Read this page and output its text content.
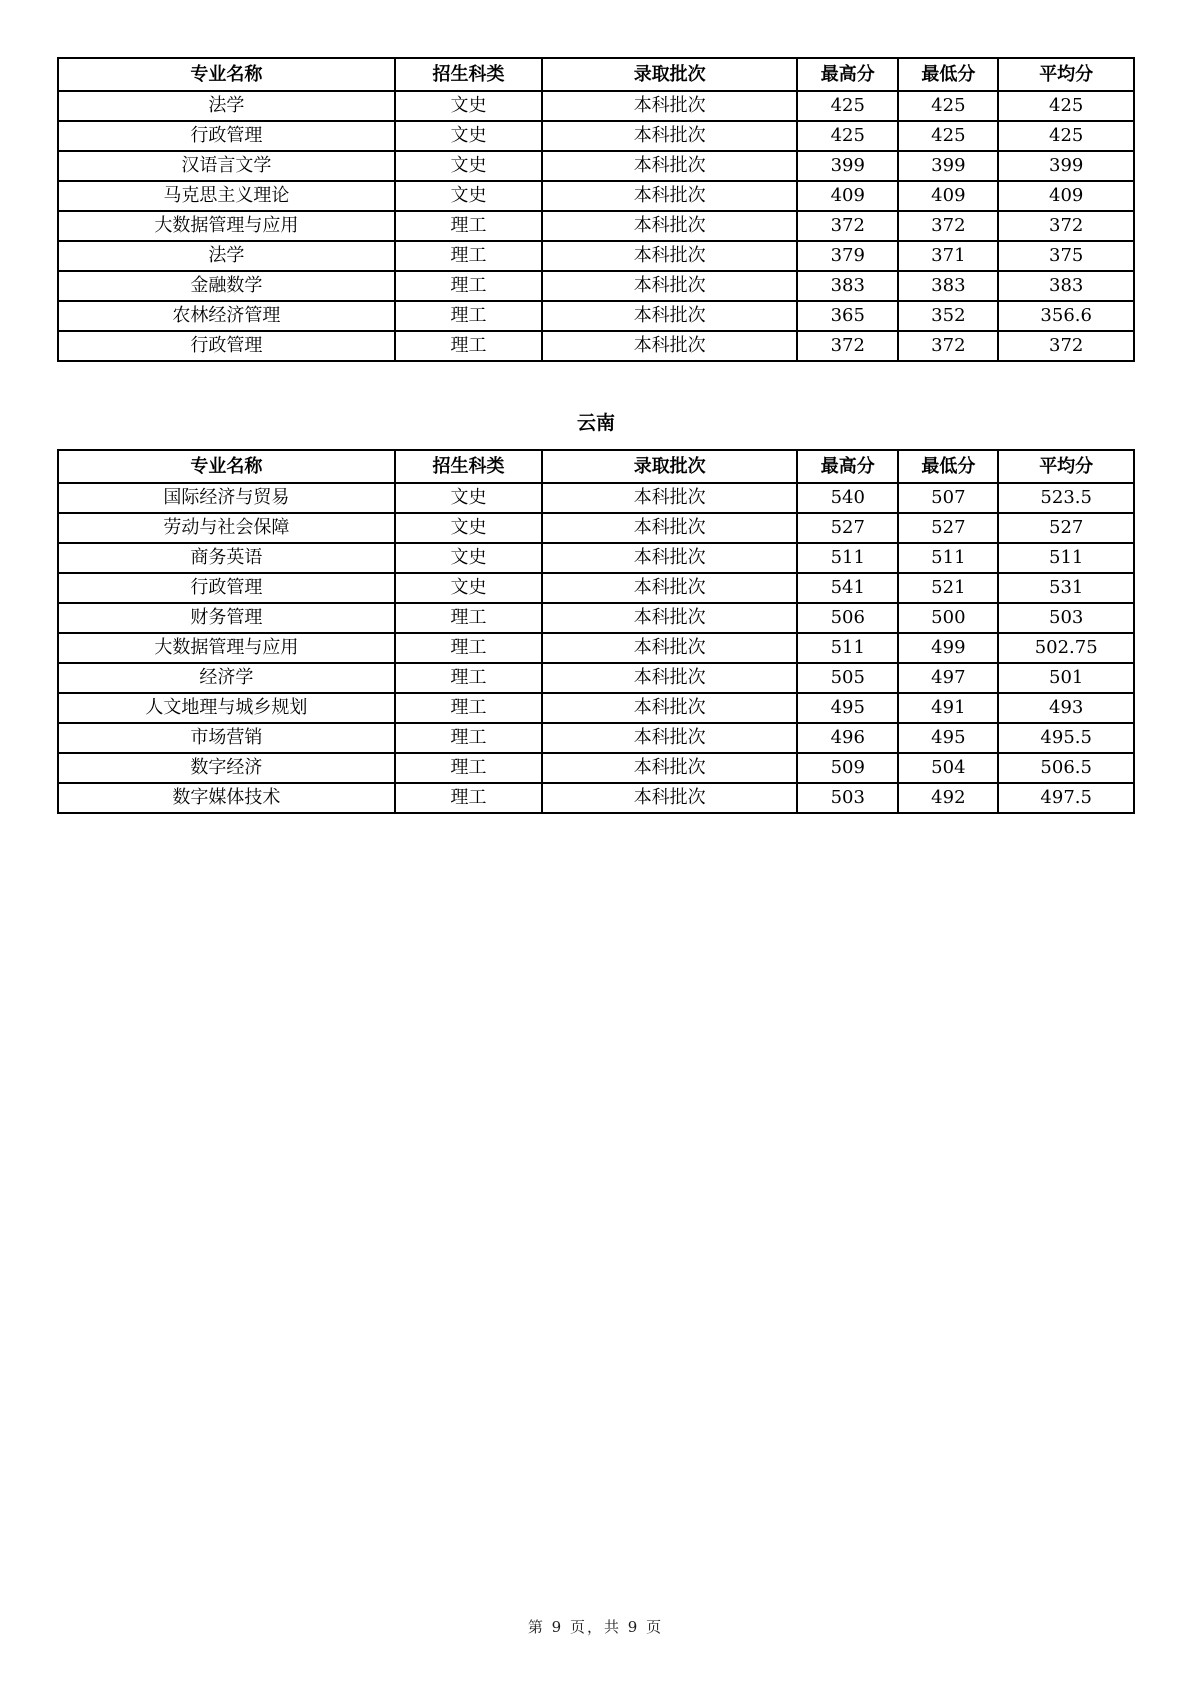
专业名称	招生科类	录取批次	最高分	最低分	平均分
法学	文史	本科批次	425	425	425
行政管理	文史	本科批次	425	425	425
汉语言文学	文史	本科批次	399	399	399
马克思主义理论	文史	本科批次	409	409	409
大数据管理与应用	理工	本科批次	372	372	372
法学	理工	本科批次	379	371	375
金融数学	理工	本科批次	383	383	383
农林经济管理	理工	本科批次	365	352	356.6
行政管理	理工	本科批次	372	372	372
云南
专业名称	招生科类	录取批次	最高分	最低分	平均分
国际经济与贸易	文史	本科批次	540	507	523.5
劳动与社会保障	文史	本科批次	527	527	527
商务英语	文史	本科批次	511	511	511
行政管理	文史	本科批次	541	521	531
财务管理	理工	本科批次	506	500	503
大数据管理与应用	理工	本科批次	511	499	502.75
经济学	理工	本科批次	505	497	501
人文地理与城乡规划	理工	本科批次	495	491	493
市场营销	理工	本科批次	496	495	495.5
数字经济	理工	本科批次	509	504	506.5
数字媒体技术	理工	本科批次	503	492	497.5
第 9 页，共 9 页
